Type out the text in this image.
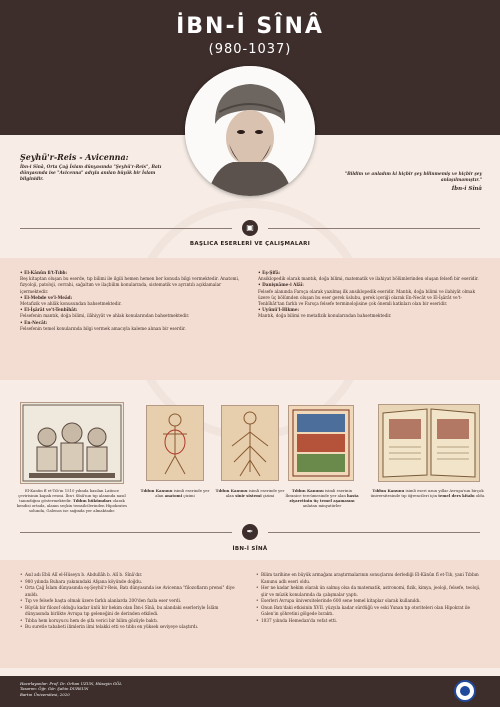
İBN-İ SÎNÂ
(980-1037)
Şeyhü'r-Reis - Avicenna:
İbn-i Sînâ, Orta Çağ İslam dünyasında "Şeyhü'r-Reis", Batı dünyasında ise "Avicenna" adıyla anılan büyük bir İslam bilginidir.
"Bildim ve anladım ki hiçbir şey bilinmemiş ve hiçbir şey anlaşılmamıştır."
İbn-i Sînâ
▣
BAŞLICA ESERLERİ VE ÇALIŞMALARI
• El-Kânûn fi't-Tıbb:
Beş kitaptan oluşan bu eserde, tıp bilimi ile ilgili hemen hemen her konuda bilgi vermektedir. Anatomi, fizyoloji, patoloji, cerrahi, sağaltım ve ilaçbilim konularında, sistematik ve ayrıntılı açıklamalar içermektedir.
• El-Mebde ve'l-Meâd:
Metafizik ve ahlâk konusundan bahsetmektedir.
• El-İşârât ve't-Tenbîhât:
Felsefenin mantık, doğa bilimi, ilâhiyyât ve ahlak konularından bahsetmektedir.
• En-Necât:
Felsefenin temel konularında bilgi vermek amacıyla kaleme alınan bir eserdir.
• Eş-Şifâ:
Ansiklopedik olarak mantık, doğa bilimi, matematik ve ilahiyat bölümlerinden oluşan felsefi bir eseridir.
• Danişnâme-i Alâî:
Felsefe alanında Farsça olarak yazılmış ilk ansiklopedik eseridir. Mantık, doğa bilimi ve ilahiyât olmak üzere üç bölümden oluşan bu eser gerek üslubu, gerek içeriği olarak En-Necât ve El-İşârât ve't-Tenbîhât'tan farklı ve Farsça felsefe terminolojisine çok önemli katkıları olan bir eseridir.
• Uyûnü'l-Hikme:
Mantık, doğa bilimi ve metafizik konularından bahsetmektedir.
El-Kanûn fî et-Tıb'ın 1510 yılında basılan Latince çevirisinin kapak resmi. İbn-i Sînâ'nın tıp alanında nasıl tanındığını göstermektedir. Tıbbın hükümdarı olarak kendisi ortada, alanın seçkin temsilcilerinden Hipokrates solunda, Galenos ise sağında yer almaktadır.
Tıbbın Kanunu isimli eserinde yer alan anatomi çizimi
Tıbbın Kanunu isimli eserinde yer alan sinir sistemi çizimi
Tıbbın Kanunu isimli eserinin İbranice tercümesinde yer alan hasta ziyaretinin üç temel aşamasını anlatan minyatürler
Tıbbın Kanunu isimli eseri uzun yıllar Avrupa'nın birçok üniversitesinde tıp öğrencileri için temel ders kitabı oldu.
✒
İBN-İ SÎNÂ
• Asıl adı Ebû Alî el-Hüseyn b. Abdullâh b. Alî b. Sînâ'dır.
• 980 yılında Buhara yakınındaki Afşana köyünde doğdu.
• Orta Çağ İslam dünyasında eş-Şeyhü'r-Reis, Batı dünyasında ise Avicenna "filozofların prensi" diye anıldı.
• Tıp ve felsefe başta olmak üzere farklı alanlarda 200'den fazla eser verdi.
• Büyük bir filozof olduğu kadar ünlü bir hekim olan İbn-i Sînâ, bu alandaki eserleriyle İslâm dünyasında birlikte Avrupa tıp geleneğini de derinden etkiledi.
• Tıbba hem koruyucu hem de şifa verici bir bilim gözüyle baktı.
• Bu suretle tababeti ilimlerin ilmi telakki etti ve tıbbı en yüksek seviyeye ulaştırdı.
• Bilim tarihine en büyük armağanı araştırmalarının sonuçlarını derlediği El-Kânûn fî et-Tıb, yani Tıbbın Kanunu adlı eseri oldu.
• Her ne kadar hekim olarak ün salmış olsa da matematik, astronomi, fizik, kimya, jeoloji, felsefe, teoloji, şiir ve müzik konularında da çalışmalar yaptı.
• Eserleri Avrupa üniversitelerinde 600 sene temel kitaplar olarak kullanıldı.
• Onun Batı'daki etkisinin XVII. yüzyıla kadar sürdüğü ve eski Yunan tıp otoriteleri olan Hipokrat ile Galen'in şöhretini gölgede bıraktı.
• 1037 yılında Hemedan'da vefat etti.
Hazırlayanlar: Prof. Dr. Orhan UZUN, Hüseyin GÖL
Tasarım: Öğr. Gör. Şahin DURSUN
Bartın Üniversitesi, 2020
